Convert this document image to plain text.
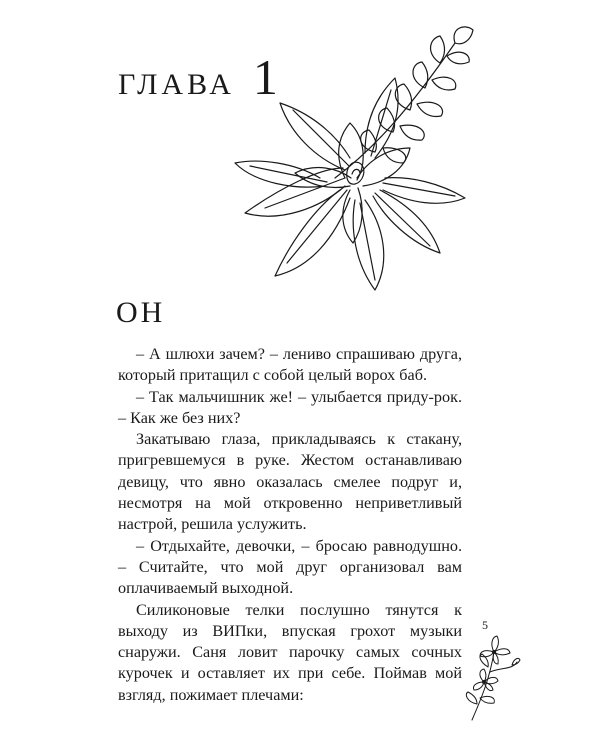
ГЛАВА 1
ОН

– А шлюхи зачем? – лениво спрашиваю друга, который притащил с собой целый ворох баб.

– Так мальчишник же! – улыбается приду-рок. – Как же без них?

Закатываю глаза, прикладываясь к стакану, пригревшемуся в руке. Жестом останавливаю девицу, что явно оказалась смелее подруг и, несмотря на мой откровенно неприветливый настрой, решила услужить.

– Отдыхайте, девочки, – бросаю равнодушно. – Считайте, что мой друг организовал вам оплачиваемый выходной.

Силиконовые телки послушно тянутся к выходу из ВИПки, впуская грохот музыки снаружи. Саня ловит парочку самых сочных курочек и оставляет их при себе. Поймав мой взгляд, пожимает плечами:

5
